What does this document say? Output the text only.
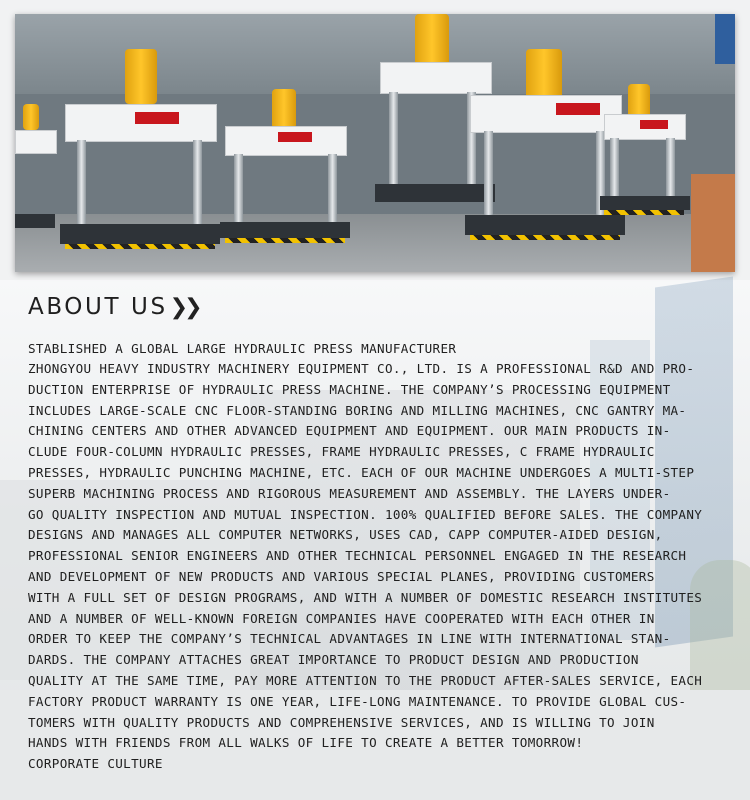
ABOUT US❯❯

STABLISHED A GLOBAL LARGE HYDRAULIC PRESS MANUFACTURER

ZHONGYOU HEAVY INDUSTRY MACHINERY EQUIPMENT CO., LTD. IS A PROFESSIONAL R&D AND PRO-
DUCTION ENTERPRISE OF HYDRAULIC PRESS MACHINE. THE COMPANY’S PROCESSING EQUIPMENT
INCLUDES LARGE-SCALE CNC FLOOR-STANDING BORING AND MILLING MACHINES, CNC GANTRY MA-
CHINING CENTERS AND OTHER ADVANCED EQUIPMENT AND EQUIPMENT. OUR MAIN PRODUCTS IN-
CLUDE FOUR-COLUMN HYDRAULIC PRESSES, FRAME HYDRAULIC PRESSES, C FRAME HYDRAULIC
PRESSES, HYDRAULIC PUNCHING MACHINE, ETC. EACH OF OUR MACHINE UNDERGOES A MULTI-STEP
SUPERB MACHINING PROCESS AND RIGOROUS MEASUREMENT AND ASSEMBLY. THE LAYERS UNDER-
GO QUALITY INSPECTION AND MUTUAL INSPECTION. 100% QUALIFIED BEFORE SALES. THE COMPANY
DESIGNS AND MANAGES ALL COMPUTER NETWORKS, USES CAD, CAPP COMPUTER-AIDED DESIGN,
PROFESSIONAL SENIOR ENGINEERS AND OTHER TECHNICAL PERSONNEL ENGAGED IN THE RESEARCH
AND DEVELOPMENT OF NEW PRODUCTS AND VARIOUS SPECIAL PLANES, PROVIDING CUSTOMERS
WITH A FULL SET OF DESIGN PROGRAMS, AND WITH A NUMBER OF DOMESTIC RESEARCH INSTITUTES
AND A NUMBER OF WELL-KNOWN FOREIGN COMPANIES HAVE COOPERATED WITH EACH OTHER IN
ORDER TO KEEP THE COMPANY’S TECHNICAL ADVANTAGES IN LINE WITH INTERNATIONAL STAN-
DARDS. THE COMPANY ATTACHES GREAT IMPORTANCE TO PRODUCT DESIGN AND PRODUCTION
QUALITY AT THE SAME TIME, PAY MORE ATTENTION TO THE PRODUCT AFTER-SALES SERVICE, EACH
FACTORY PRODUCT WARRANTY IS ONE YEAR, LIFE-LONG MAINTENANCE. TO PROVIDE GLOBAL CUS-
TOMERS WITH QUALITY PRODUCTS AND COMPREHENSIVE SERVICES, AND IS WILLING TO JOIN
HANDS WITH FRIENDS FROM ALL WALKS OF LIFE TO CREATE A BETTER TOMORROW!

CORPORATE CULTURE
